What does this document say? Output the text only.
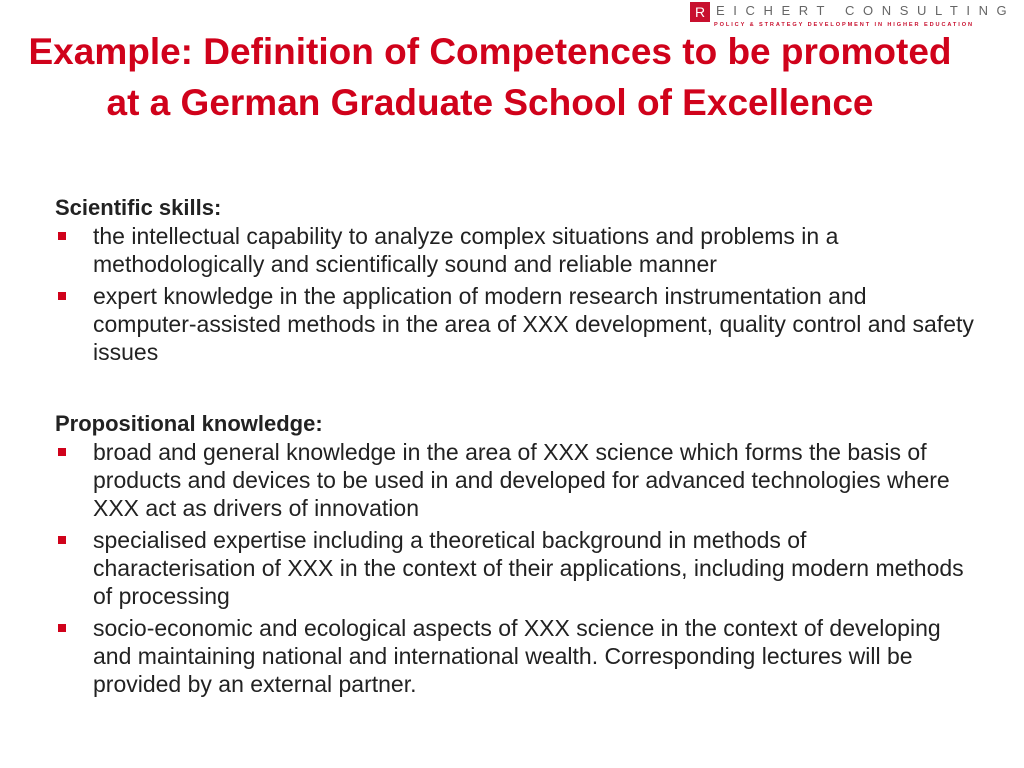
R EICHERT CONSULTING
POLICY & STRATEGY DEVELOPMENT IN HIGHER EDUCATION
Example: Definition of Competences to be promoted at a German Graduate School of Excellence

Scientific skills:

the intellectual capability to analyze complex situations and problems in a methodologically and scientifically sound and reliable manner
expert knowledge in the application of modern research instrumentation and computer-assisted methods in the area of XXX development, quality control and safety issues

Propositional knowledge:

broad and general knowledge in the area of XXX science which forms the basis of products and devices to be used in and developed for advanced technologies where XXX act as drivers of innovation
specialised expertise including a theoretical background in methods of characterisation of XXX in the context of their applications, including modern methods of processing
socio-economic and ecological aspects of XXX science in the context of developing and maintaining national and international wealth. Corresponding lectures will be provided by an external partner.
